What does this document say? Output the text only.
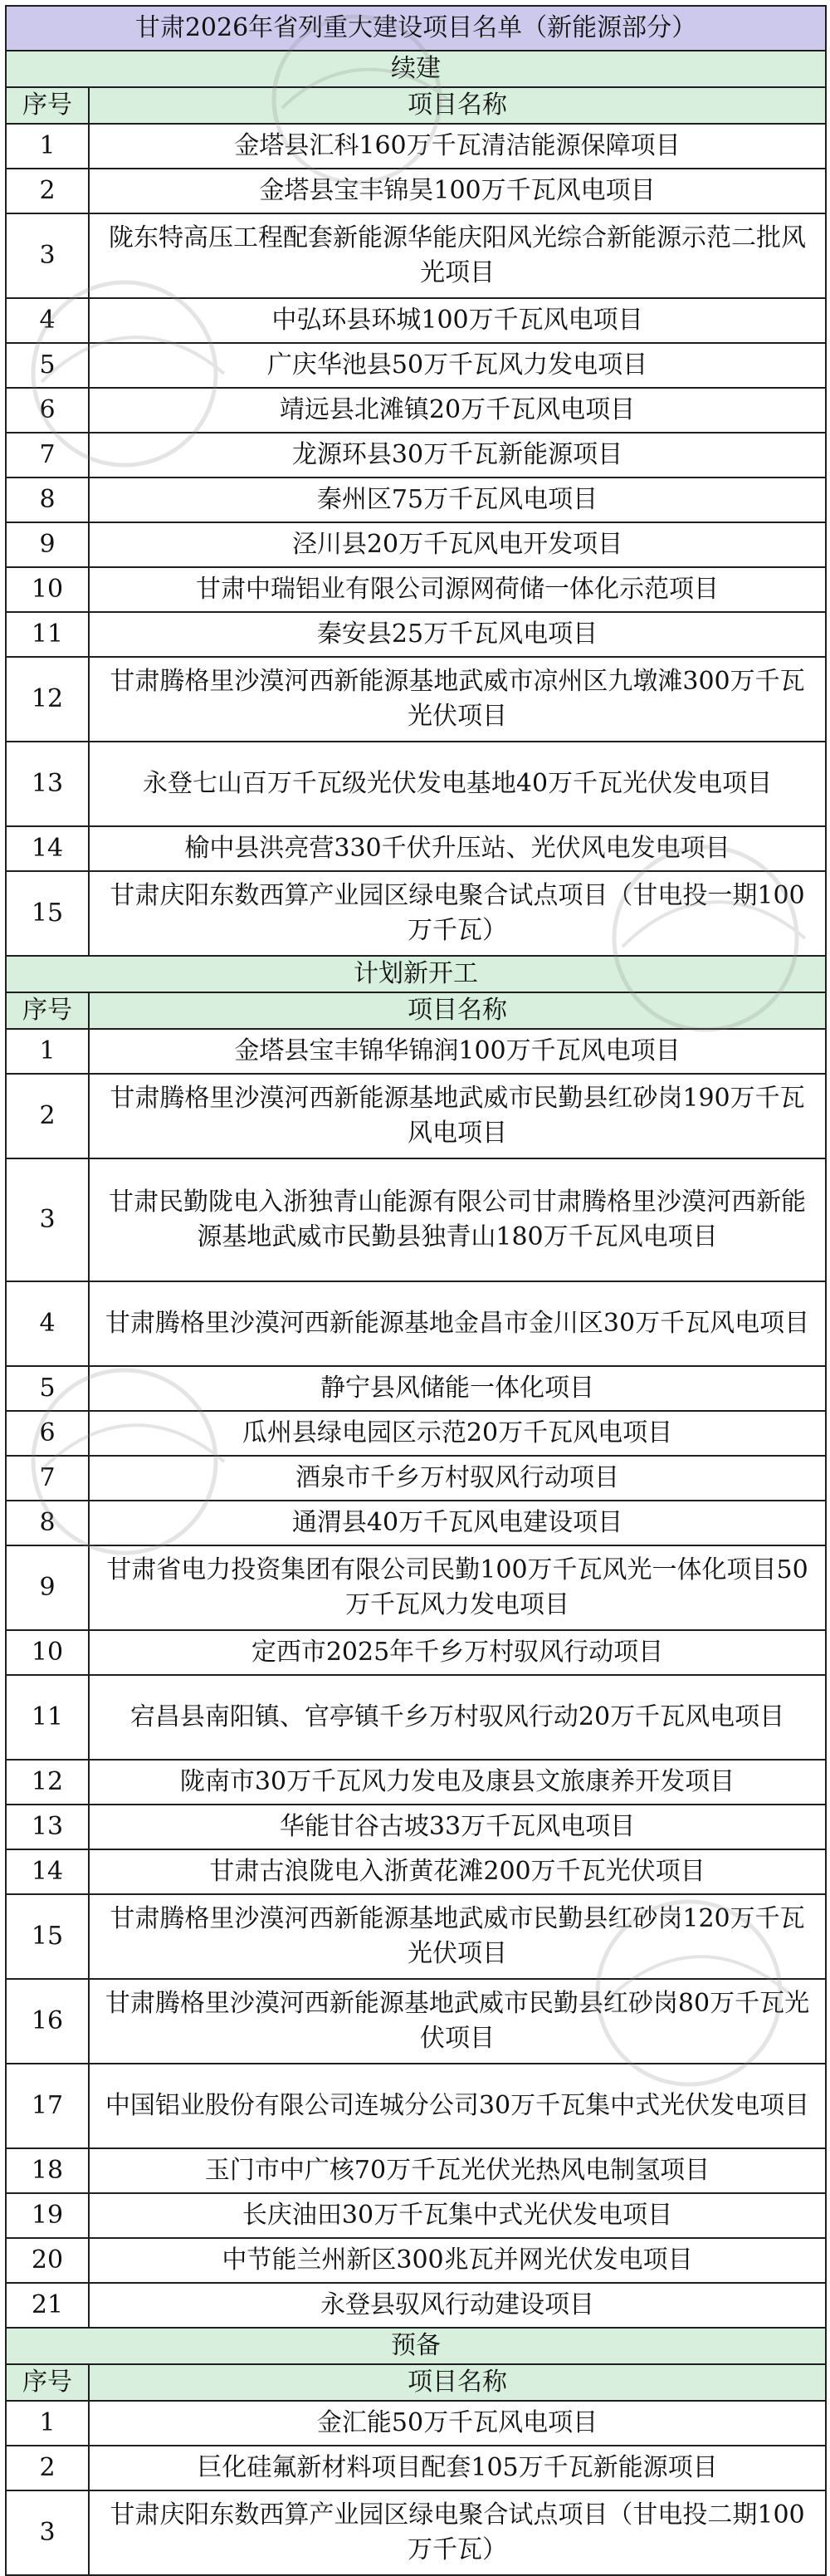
甘肃2026年省列重大建设项目名单（新能源部分）	
续建	
序号	项目名称
1	金塔县汇科160万千瓦清洁能源保障项目
2	金塔县宝丰锦昊100万千瓦风电项目
3	陇东特高压工程配套新能源华能庆阳风光综合新能源示范二批风光项目
4	中弘环县环城100万千瓦风电项目
5	广庆华池县50万千瓦风力发电项目
6	靖远县北滩镇20万千瓦风电项目
7	龙源环县30万千瓦新能源项目
8	秦州区75万千瓦风电项目
9	泾川县20万千瓦风电开发项目
10	甘肃中瑞铝业有限公司源网荷储一体化示范项目
11	秦安县25万千瓦风电项目
12	甘肃腾格里沙漠河西新能源基地武威市凉州区九墩滩300万千瓦光伏项目
13	永登七山百万千瓦级光伏发电基地40万千瓦光伏发电项目
14	榆中县洪亮营330千伏升压站、光伏风电发电项目
15	甘肃庆阳东数西算产业园区绿电聚合试点项目（甘电投一期100万千瓦）
计划新开工	
序号	项目名称
1	金塔县宝丰锦华锦润100万千瓦风电项目
2	甘肃腾格里沙漠河西新能源基地武威市民勤县红砂岗190万千瓦风电项目
3	甘肃民勤陇电入浙独青山能源有限公司甘肃腾格里沙漠河西新能源基地武威市民勤县独青山180万千瓦风电项目
4	甘肃腾格里沙漠河西新能源基地金昌市金川区30万千瓦风电项目
5	静宁县风储能一体化项目
6	瓜州县绿电园区示范20万千瓦风电项目
7	酒泉市千乡万村驭风行动项目
8	通渭县40万千瓦风电建设项目
9	甘肃省电力投资集团有限公司民勤100万千瓦风光一体化项目50万千瓦风力发电项目
10	定西市2025年千乡万村驭风行动项目
11	宕昌县南阳镇、官亭镇千乡万村驭风行动20万千瓦风电项目
12	陇南市30万千瓦风力发电及康县文旅康养开发项目
13	华能甘谷古坡33万千瓦风电项目
14	甘肃古浪陇电入浙黄花滩200万千瓦光伏项目
15	甘肃腾格里沙漠河西新能源基地武威市民勤县红砂岗120万千瓦光伏项目
16	甘肃腾格里沙漠河西新能源基地武威市民勤县红砂岗80万千瓦光伏项目
17	中国铝业股份有限公司连城分公司30万千瓦集中式光伏发电项目
18	玉门市中广核70万千瓦光伏光热风电制氢项目
19	长庆油田30万千瓦集中式光伏发电项目
20	中节能兰州新区300兆瓦并网光伏发电项目
21	永登县驭风行动建设项目
预备	
序号	项目名称
1	金汇能50万千瓦风电项目
2	巨化硅氟新材料项目配套105万千瓦新能源项目
3	甘肃庆阳东数西算产业园区绿电聚合试点项目（甘电投二期100万千瓦）
